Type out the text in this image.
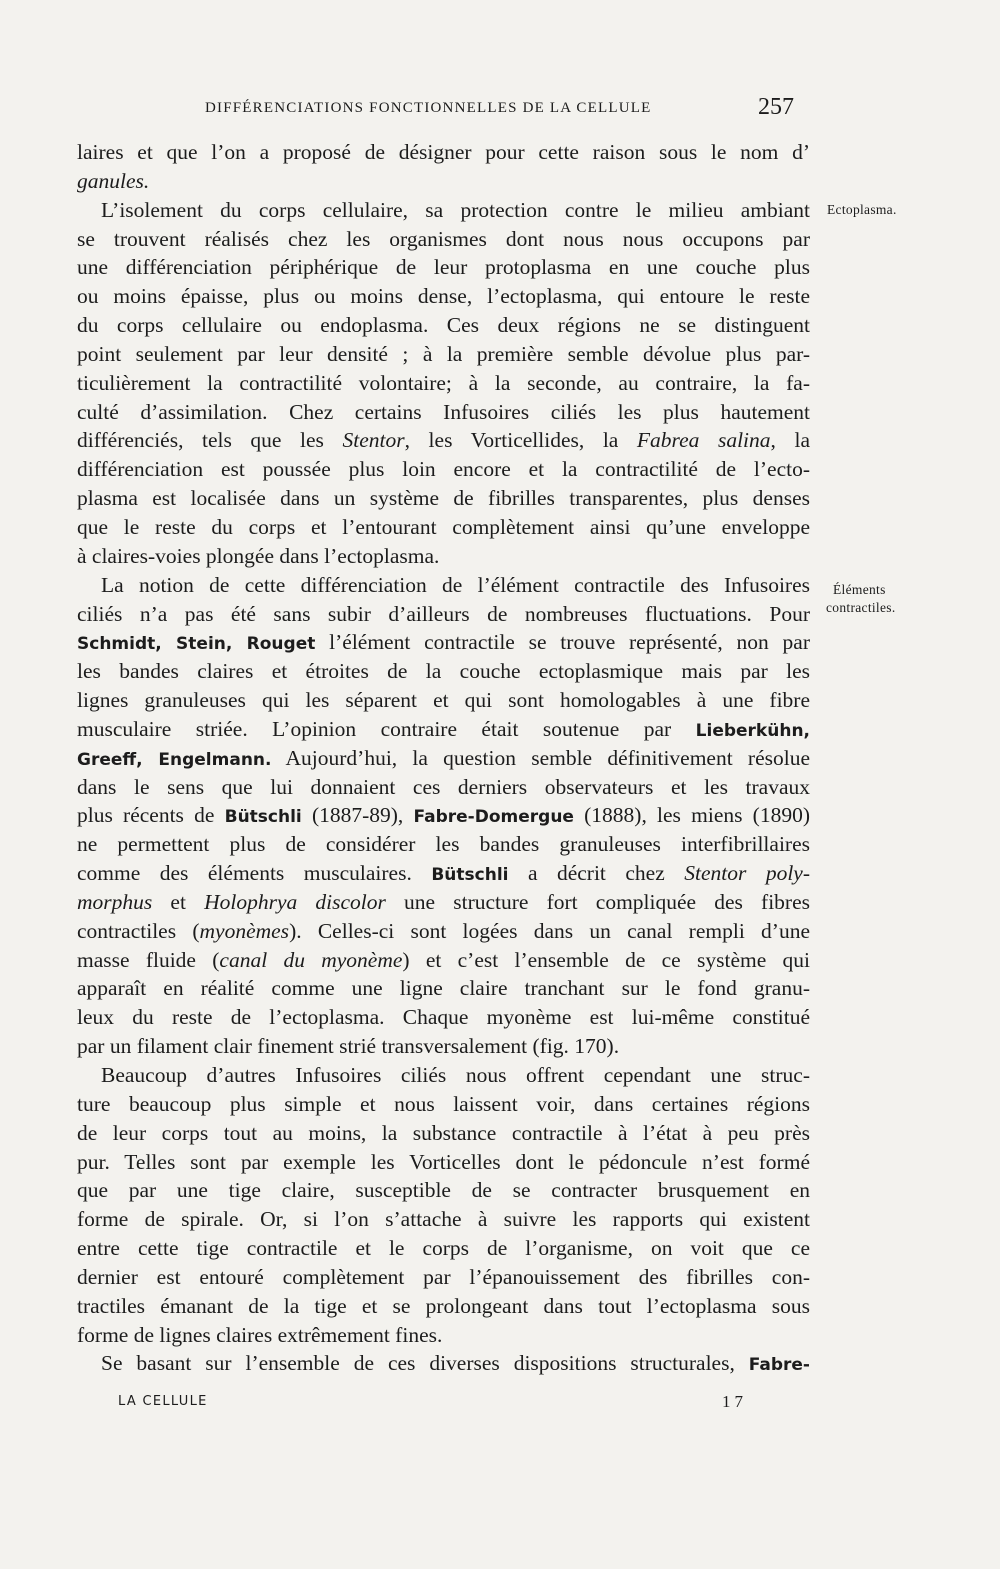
DIFFÉRENCIATIONS FONCTIONNELLES DE LA CELLULE	257
laires et que l’on a proposé de désigner pour cette raison sous le nom d’
ganules.
L’isolement du corps cellulaire, sa protection contre le milieu ambiant
se trouvent réalisés chez les organismes dont nous nous occupons par
une différenciation périphérique de leur protoplasma en une couche plus
ou moins épaisse, plus ou moins dense, l’ectoplasma, qui entoure le reste
du corps cellulaire ou endoplasma. Ces deux régions ne se distinguent
point seulement par leur densité ; à la première semble dévolue plus par-
ticulièrement la contractilité volontaire; à la seconde, au contraire, la fa-
culté d’assimilation. Chez certains Infusoires ciliés les plus hautement
différenciés, tels que les Stentor, les Vorticellides, la Fabrea salina, la
différenciation est poussée plus loin encore et la contractilité de l’ecto-
plasma est localisée dans un système de fibrilles transparentes, plus denses
que le reste du corps et l’entourant complètement ainsi qu’une enveloppe
à claires-voies plongée dans l’ectoplasma.
La notion de cette différenciation de l’élément contractile des Infusoires
ciliés n’a pas été sans subir d’ailleurs de nombreuses fluctuations. Pour
Schmidt, Stein, Rouget l’élément contractile se trouve représenté, non par
les bandes claires et étroites de la couche ectoplasmique mais par les
lignes granuleuses qui les séparent et qui sont homologables à une fibre
musculaire striée. L’opinion contraire était soutenue par Lieberkühn,
Greeff, Engelmann. Aujourd’hui, la question semble définitivement résolue
dans le sens que lui donnaient ces derniers observateurs et les travaux
plus récents de Bütschli (1887-89), Fabre-Domergue (1888), les miens (1890)
ne permettent plus de considérer les bandes granuleuses interfibrillaires
comme des éléments musculaires. Bütschli a décrit chez Stentor poly-
morphus et Holophrya discolor une structure fort compliquée des fibres
contractiles (myonèmes). Celles-ci sont logées dans un canal rempli d’une
masse fluide (canal du myonème) et c’est l’ensemble de ce système qui
apparaît en réalité comme une ligne claire tranchant sur le fond granu-
leux du reste de l’ectoplasma. Chaque myonème est lui-même constitué
par un filament clair finement strié transversalement (fig. 170).
Beaucoup d’autres Infusoires ciliés nous offrent cependant une struc-
ture beaucoup plus simple et nous laissent voir, dans certaines régions
de leur corps tout au moins, la substance contractile à l’état à peu près
pur. Telles sont par exemple les Vorticelles dont le pédoncule n’est formé
que par une tige claire, susceptible de se contracter brusquement en
forme de spirale. Or, si l’on s’attache à suivre les rapports qui existent
entre cette tige contractile et le corps de l’organisme, on voit que ce
dernier est entouré complètement par l’épanouissement des fibrilles con-
tractiles émanant de la tige et se prolongeant dans tout l’ectoplasma sous
forme de lignes claires extrêmement fines.
Se basant sur l’ensemble de ces diverses dispositions structurales, Fabre-
Ectoplasma.
Éléments
contractiles.
LA CELLULE	17
